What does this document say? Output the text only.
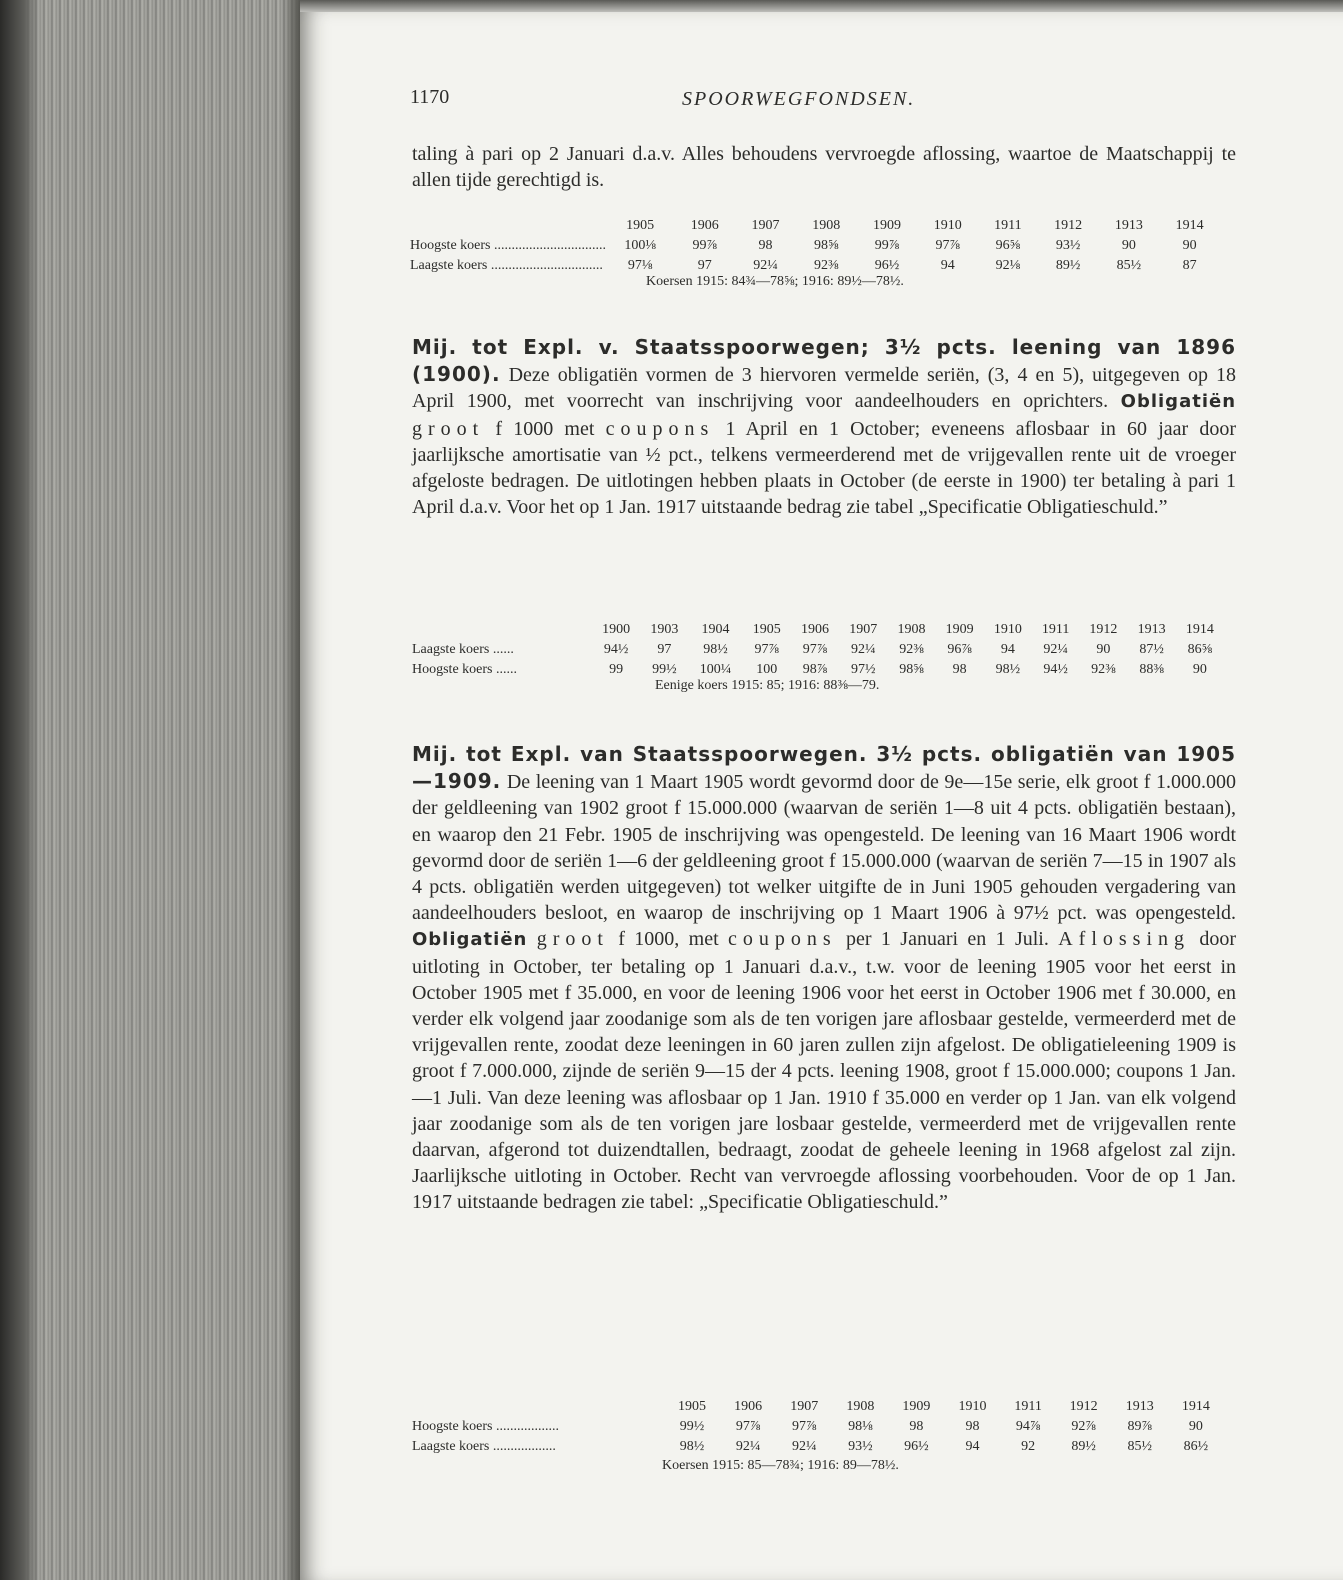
1170	SPOORWEGFONDSEN.

taling à pari op 2 Januari d.a.v. Alles behoudens vervroegde aflossing, waartoe de Maatschappij te allen tijde gerechtigd is.

	1905	1906	1907	1908	1909	1910	1911	1912	1913	1914
Hoogste koers ................................	100⅛	99⅞	98	98⅝	99⅞	97⅞	96⅝	93½	90	90
Laagste koers ................................	97⅛	97	92¼	92⅜	96½	94	92⅛	89½	85½	87
Koersen 1915: 84¾—78⅝; 1916: 89½—78½.

Mij. tot Expl. v. Staatsspoorwegen; 3½ pcts. leening van 1896 (1900). Deze obligatiën vormen de 3 hiervoren vermelde seriën, (3, 4 en 5), uitgegeven op 18 April 1900, met voorrecht van inschrijving voor aandeelhouders en oprichters. Obligatiën groot f 1000 met coupons 1 April en 1 October; eveneens aflosbaar in 60 jaar door jaarlijksche amortisatie van ½ pct., telkens vermeerderend met de vrijgevallen rente uit de vroeger afgeloste bedragen. De uitlotingen hebben plaats in October (de eerste in 1900) ter betaling à pari 1 April d.a.v. Voor het op 1 Jan. 1917 uitstaande bedrag zie tabel „Specificatie Obligatieschuld.”

	1900	1903	1904	1905	1906	1907	1908	1909	1910	1911	1912	1913	1914
Laagste koers ......	94½	97	98½	97⅞	97⅞	92¼	92⅜	96⅞	94	92¼	90	87½	86⅝
Hoogste koers ......	99	99½	100¼	100	98⅞	97½	98⅝	98	98½	94½	92⅜	88⅜	90
Eenige koers 1915: 85; 1916: 88⅜—79.

Mij. tot Expl. van Staatsspoorwegen. 3½ pcts. obligatiën van 1905—1909. De leening van 1 Maart 1905 wordt gevormd door de 9e—15e serie, elk groot f 1.000.000 der geldleening van 1902 groot f 15.000.000 (waarvan de seriën 1—8 uit 4 pcts. obligatiën bestaan), en waarop den 21 Febr. 1905 de inschrijving was opengesteld. De leening van 16 Maart 1906 wordt gevormd door de seriën 1—6 der geldleening groot f 15.000.000 (waarvan de seriën 7—15 in 1907 als 4 pcts. obligatiën werden uitgegeven) tot welker uitgifte de in Juni 1905 gehouden vergadering van aandeelhouders besloot, en waarop de inschrijving op 1 Maart 1906 à 97½ pct. was opengesteld. Obligatiën groot f 1000, met coupons per 1 Januari en 1 Juli. Aflossing door uitloting in October, ter betaling op 1 Januari d.a.v., t.w. voor de leening 1905 voor het eerst in October 1905 met f 35.000, en voor de leening 1906 voor het eerst in October 1906 met f 30.000, en verder elk volgend jaar zoodanige som als de ten vorigen jare aflosbaar gestelde, vermeerderd met de vrijgevallen rente, zoodat deze leeningen in 60 jaren zullen zijn afgelost. De obligatieleening 1909 is groot f 7.000.000, zijnde de seriën 9—15 der 4 pcts. leening 1908, groot f 15.000.000; coupons 1 Jan.—1 Juli. Van deze leening was aflosbaar op 1 Jan. 1910 f 35.000 en verder op 1 Jan. van elk volgend jaar zoodanige som als de ten vorigen jare losbaar gestelde, vermeerderd met de vrijgevallen rente daarvan, afgerond tot duizendtallen, bedraagt, zoodat de geheele leening in 1968 afgelost zal zijn. Jaarlijksche uitloting in October. Recht van vervroegde aflossing voorbehouden. Voor de op 1 Jan. 1917 uitstaande bedragen zie tabel: „Specificatie Obligatieschuld.”

	1905	1906	1907	1908	1909	1910	1911	1912	1913	1914
Hoogste koers ..................	99½	97⅞	97⅞	98⅛	98	98	94⅞	92⅞	89⅞	90
Laagste koers ..................	98½	92¼	92¼	93½	96½	94	92	89½	85½	86½
Koersen 1915: 85—78¾; 1916: 89—78½.
